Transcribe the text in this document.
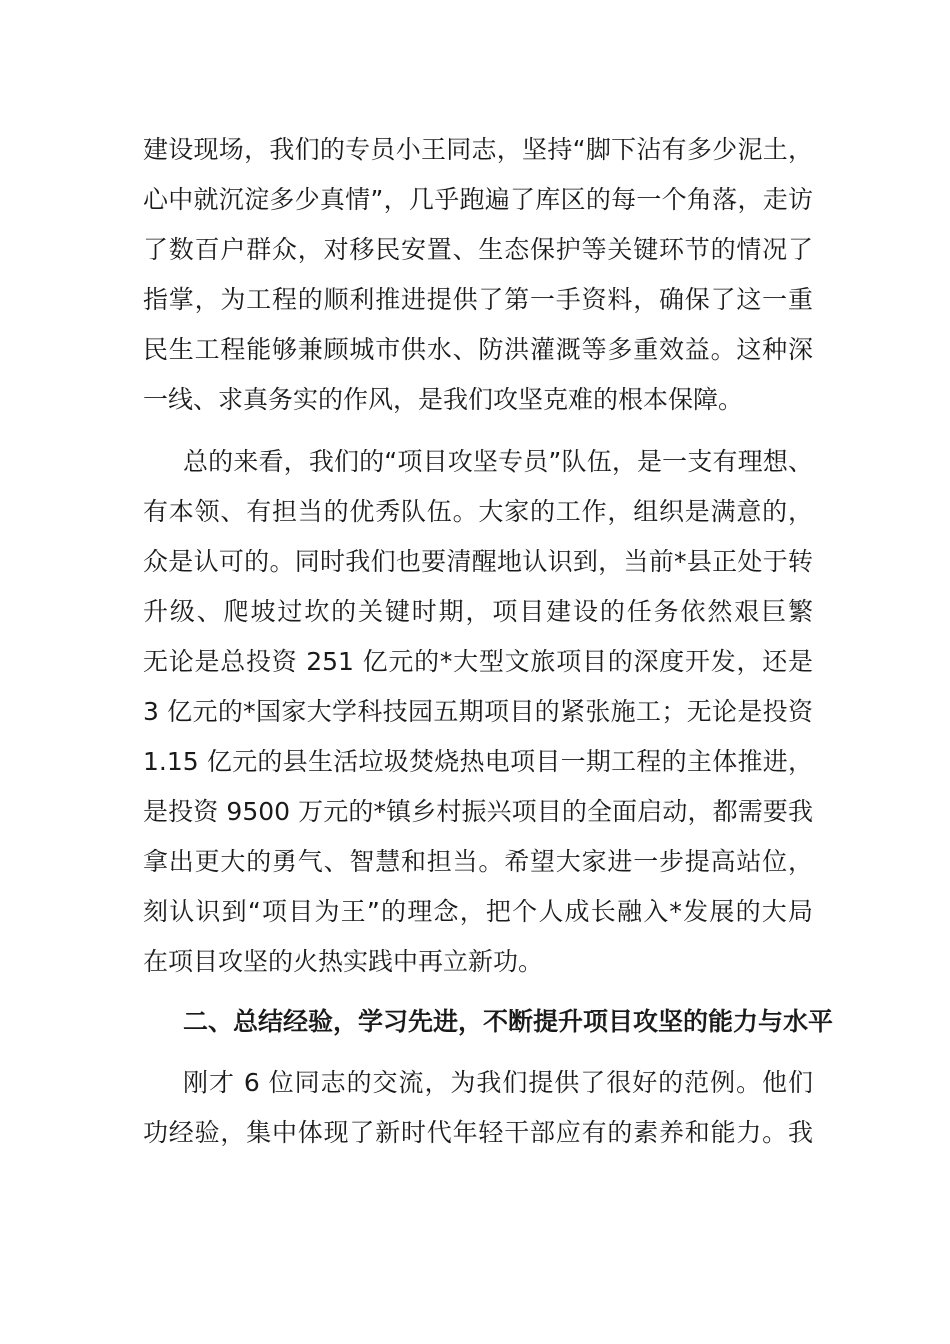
建设现场，我们的专员小王同志，坚持“脚下沾有多少泥土，
心中就沉淀多少真情”，几乎跑遍了库区的每一个角落，走访
了数百户群众，对移民安置、生态保护等关键环节的情况了
指掌，为工程的顺利推进提供了第一手资料，确保了这一重
民生工程能够兼顾城市供水、防洪灌溉等多重效益。这种深
一线、求真务实的作风，是我们攻坚克难的根本保障。
总的来看，我们的“项目攻坚专员”队伍，是一支有理想、
有本领、有担当的优秀队伍。大家的工作，组织是满意的，
众是认可的。同时我们也要清醒地认识到，当前*县正处于转
升级、爬坡过坎的关键时期，项目建设的任务依然艰巨繁
无论是总投资 251 亿元的*大型文旅项目的深度开发，还是
3 亿元的*国家大学科技园五期项目的紧张施工；无论是投资
1.15 亿元的县生活垃圾焚烧热电项目一期工程的主体推进，
是投资 9500 万元的*镇乡村振兴项目的全面启动，都需要我
拿出更大的勇气、智慧和担当。希望大家进一步提高站位，
刻认识到“项目为王”的理念，把个人成长融入*发展的大局
在项目攻坚的火热实践中再立新功。
二、总结经验，学习先进，不断提升项目攻坚的能力与水平
刚才 6 位同志的交流，为我们提供了很好的范例。他们
功经验，集中体现了新时代年轻干部应有的素养和能力。我
